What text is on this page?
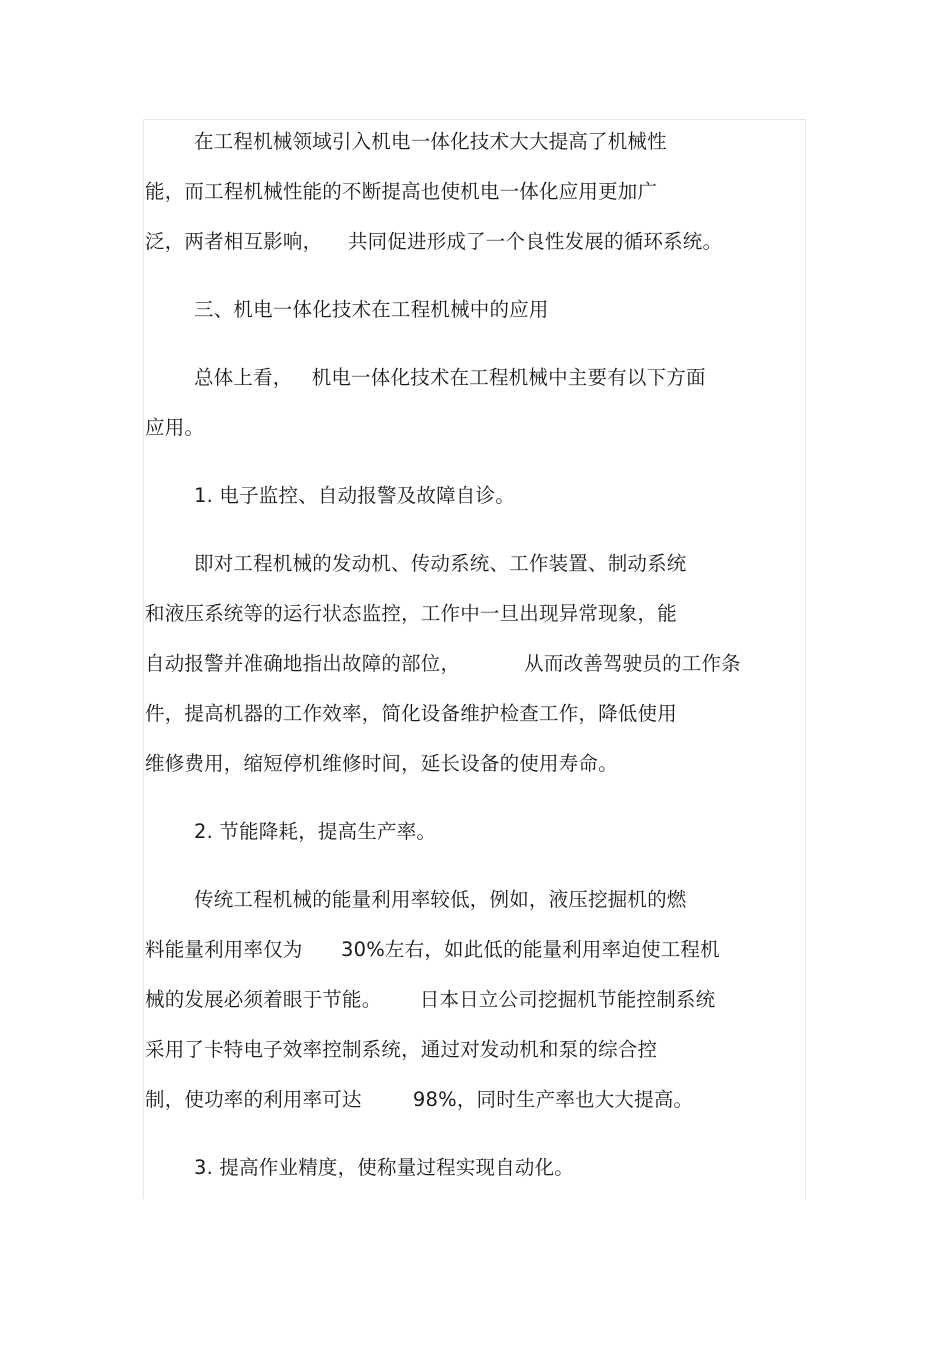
在工程机械领域引入机电一体化技术大大提高了机械性
能，而工程机械性能的不断提高也使机电一体化应用更加广
泛，两者相互影响，    共同促进形成了一个良性发展的循环系统。
三、机电一体化技术在工程机械中的应用
总体上看，   机电一体化技术在工程机械中主要有以下方面
应用。
1. 电子监控、自动报警及故障自诊。
即对工程机械的发动机、传动系统、工作装置、制动系统
和液压系统等的运行状态监控，工作中一旦出现异常现象，能
自动报警并准确地指出故障的部位，          从而改善驾驶员的工作条
件，提高机器的工作效率，简化设备维护检查工作，降低使用
维修费用，缩短停机维修时间，延长设备的使用寿命。
2. 节能降耗，提高生产率。
传统工程机械的能量利用率较低，例如，液压挖掘机的燃
料能量利用率仅为      30%左右，如此低的能量利用率迫使工程机
械的发展必须着眼于节能。      日本日立公司挖掘机节能控制系统
采用了卡特电子效率控制系统，通过对发动机和泵的综合控
制，使功率的利用率可达        98%，同时生产率也大大提高。
3. 提高作业精度，使称量过程实现自动化。
